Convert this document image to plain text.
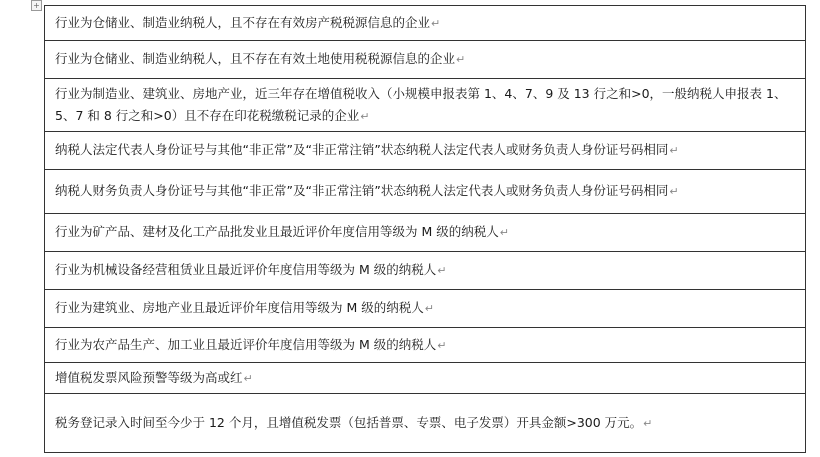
+
行业为仓储业、制造业纳税人，且不存在有效房产税税源信息的企业↵
行业为仓储业、制造业纳税人，且不存在有效土地使用税税源信息的企业↵
行业为制造业、建筑业、房地产业，近三年存在增值税收入（小规模申报表第 1、4、7、9 及 13 行之和>0，一般纳税人申报表 1、5、7 和 8 行之和>0）且不存在印花税缴税记录的企业↵
纳税人法定代表人身份证号与其他“非正常”及“非正常注销”状态纳税人法定代表人或财务负责人身份证号码相同↵
纳税人财务负责人身份证号与其他“非正常”及“非正常注销”状态纳税人法定代表人或财务负责人身份证号码相同↵
行业为矿产品、建材及化工产品批发业且最近评价年度信用等级为 M 级的纳税人↵
行业为机械设备经营租赁业且最近评价年度信用等级为 M 级的纳税人↵
行业为建筑业、房地产业且最近评价年度信用等级为 M 级的纳税人↵
行业为农产品生产、加工业且最近评价年度信用等级为 M 级的纳税人↵
增值税发票风险预警等级为高或红↵
税务登记录入时间至今少于 12 个月，且增值税发票（包括普票、专票、电子发票）开具金额>300 万元。↵
